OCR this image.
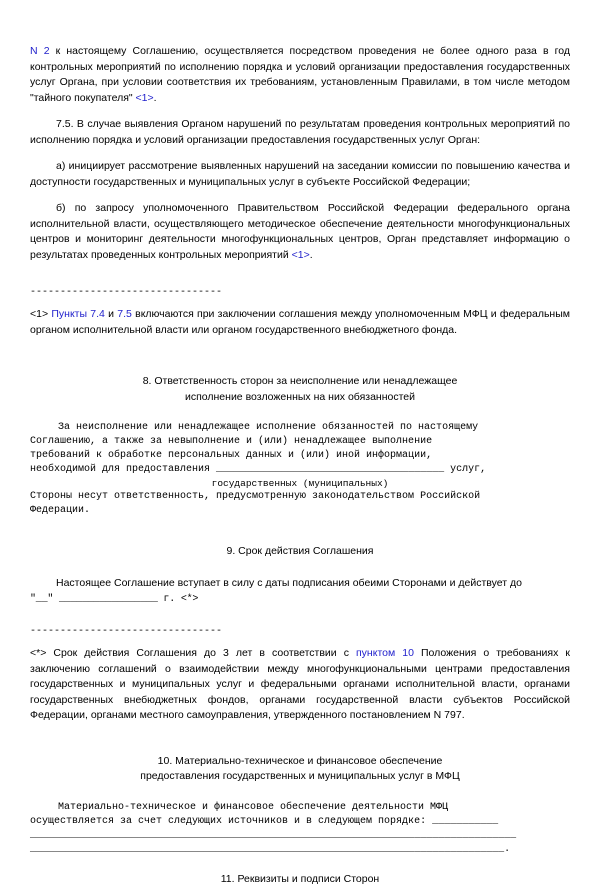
N 2 к настоящему Соглашению, осуществляется посредством проведения не более одного раза в год контрольных мероприятий по исполнению порядка и условий организации предоставления государственных услуг Органа, при условии соответствия их требованиям, установленным Правилами, в том числе методом "тайного покупателя" <1>.

7.5. В случае выявления Органом нарушений по результатам проведения контрольных мероприятий по исполнению порядка и условий организации предоставления государственных услуг Орган:

а) инициирует рассмотрение выявленных нарушений на заседании комиссии по повышению качества и доступности государственных и муниципальных услуг в субъекте Российской Федерации;

б) по запросу уполномоченного Правительством Российской Федерации федерального органа исполнительной власти, осуществляющего методическое обеспечение деятельности многофункциональных центров и мониторинг деятельности многофункциональных центров, Орган представляет информацию о результатах проведенных контрольных мероприятий <1>.

--------------------------------

<1> Пункты 7.4 и 7.5 включаются при заключении соглашения между уполномоченным МФЦ и федеральным органом исполнительной власти или органом государственного внебюджетного фонда.

8. Ответственность сторон за неисполнение или ненадлежащее

исполнение возложенных на них обязанностей

За неисполнение или ненадлежащее исполнение обязанностей по настоящему

Соглашению, а также за невыполнение и (или) ненадлежащее выполнение

требований к обработке персональных данных и (или) иной информации,

необходимой для предоставления ______________________________________ услуг,

государственных (муниципальных)

Стороны несут ответственность, предусмотренную законодательством Российской

Федерации.

9. Срок действия Соглашения

Настоящее Соглашение вступает в силу с даты подписания обеими Сторонами и действует до

"__" _________________ г. <*>

--------------------------------

<*> Срок действия Соглашения до 3 лет в соответствии с пунктом 10 Положения о требованиях к заключению соглашений о взаимодействии между многофункциональными центрами предоставления государственных и муниципальных услуг и федеральными органами исполнительной власти, органами государственных внебюджетных фондов, органами государственной власти субъектов Российской Федерации, органами местного самоуправления, утвержденного постановлением N 797.

10. Материально-техническое и финансовое обеспечение

предоставления государственных и муниципальных услуг в МФЦ

Материально-техническое и финансовое обеспечение деятельности МФЦ

осуществляется за счет следующих источников и в следующем порядке: ___________

_________________________________________________________________________________

_______________________________________________________________________________.

11. Реквизиты и подписи Сторон
